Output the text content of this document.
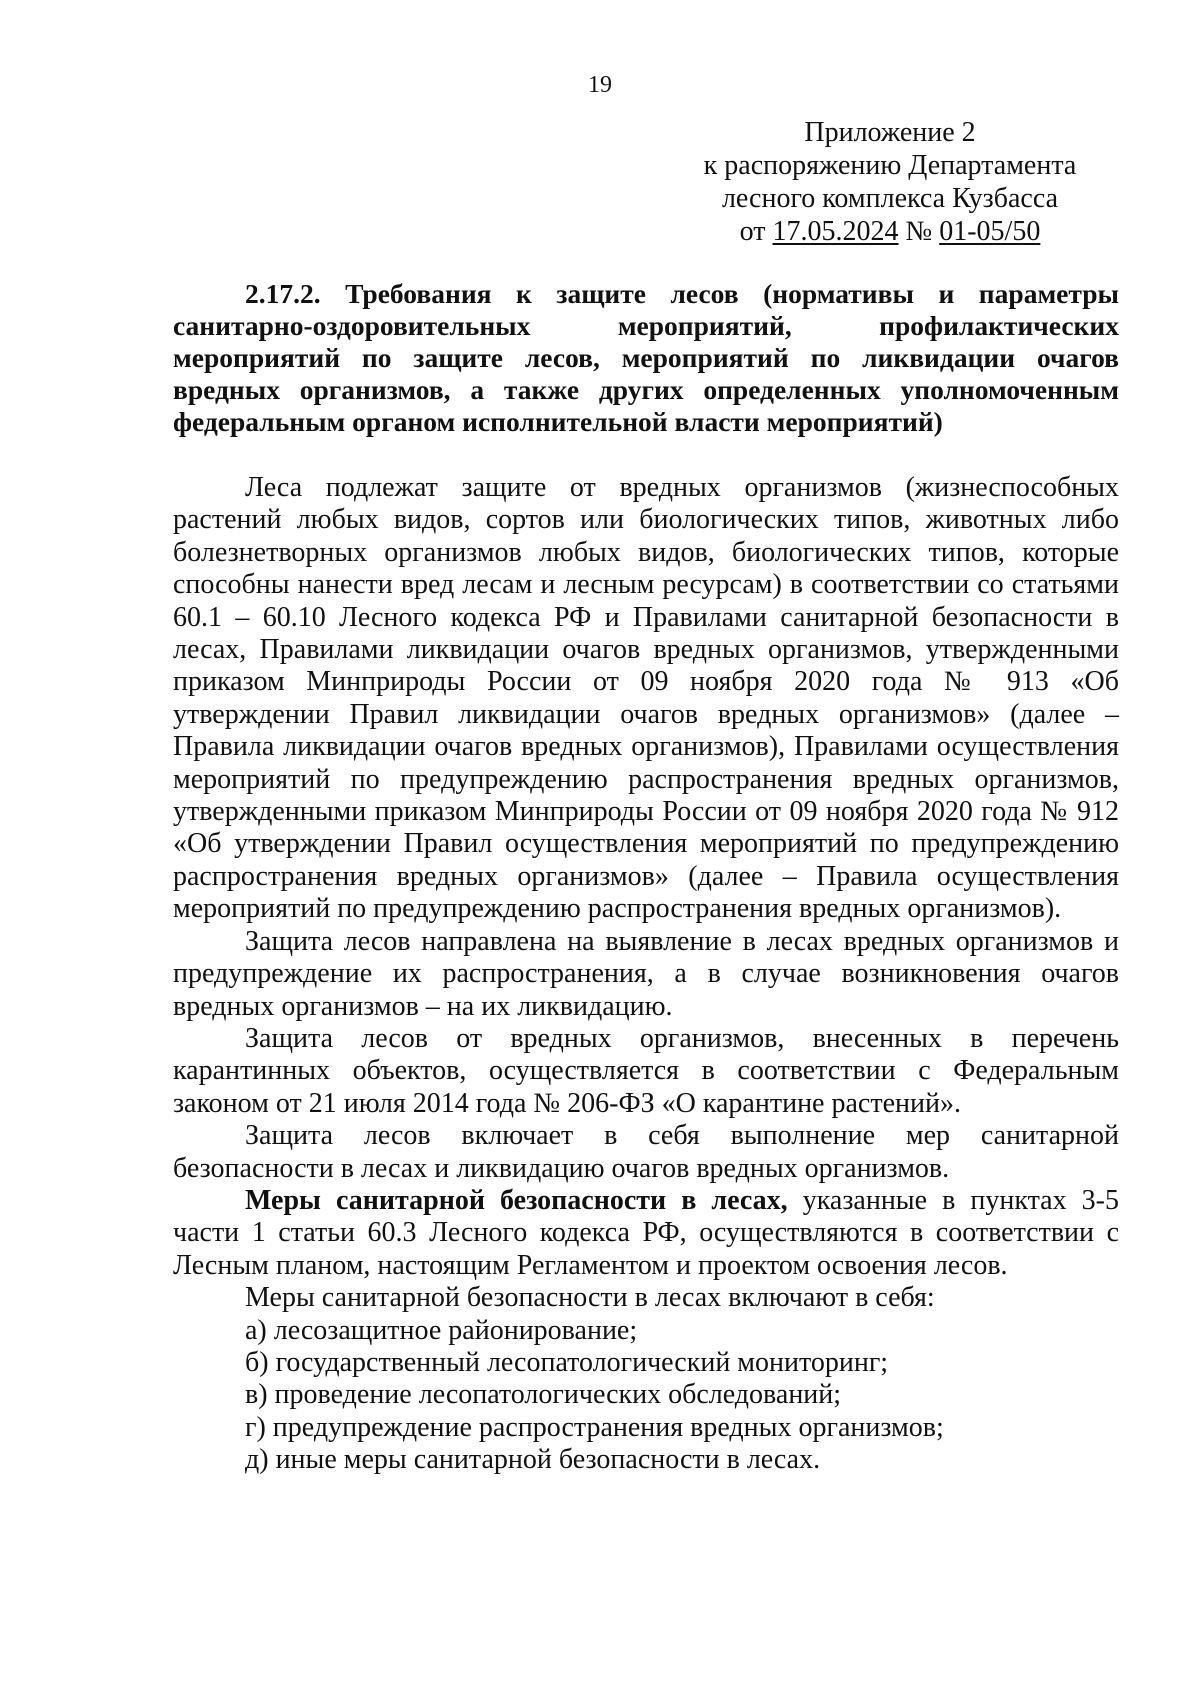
19
Приложение 2
к распоряжению Департамента
лесного комплекса Кузбасса
от 17.05.2024 № 01-05/50

2.17.2. Требования к защите лесов (нормативы и параметры санитарно-оздоровительных мероприятий, профилактических мероприятий по защите лесов, мероприятий по ликвидации очагов вредных организмов, а также других определенных уполномоченным федеральным органом исполнительной власти мероприятий)

Леса подлежат защите от вредных организмов (жизнеспособных растений любых видов, сортов или биологических типов, животных либо болезнетворных организмов любых видов, биологических типов, которые способны нанести вред лесам и лесным ресурсам) в соответствии со статьями 60.1 – 60.10 Лесного кодекса РФ и Правилами санитарной безопасности в лесах, Правилами ликвидации очагов вредных организмов, утвержденными приказом Минприроды России от 09 ноября 2020 года № 913 «Об утверждении Правил ликвидации очагов вредных организмов» (далее – Правила ликвидации очагов вредных организмов), Правилами осуществления мероприятий по предупреждению распространения вредных организмов, утвержденными приказом Минприроды России от 09 ноября 2020 года № 912 «Об утверждении Правил осуществления мероприятий по предупреждению распространения вредных организмов» (далее – Правила осуществления мероприятий по предупреждению распространения вредных организмов).

Защита лесов направлена на выявление в лесах вредных организмов и предупреждение их распространения, а в случае возникновения очагов вредных организмов – на их ликвидацию.

Защита лесов от вредных организмов, внесенных в перечень карантинных объектов, осуществляется в соответствии с Федеральным законом от 21 июля 2014 года № 206-ФЗ «О карантине растений».

Защита лесов включает в себя выполнение мер санитарной безопасности в лесах и ликвидацию очагов вредных организмов.

Меры санитарной безопасности в лесах, указанные в пунктах 3-5 части 1 статьи 60.3 Лесного кодекса РФ, осуществляются в соответствии с Лесным планом, настоящим Регламентом и проектом освоения лесов.

Меры санитарной безопасности в лесах включают в себя:

а) лесозащитное районирование;
б) государственный лесопатологический мониторинг;
в) проведение лесопатологических обследований;
г) предупреждение распространения вредных организмов;
д) иные меры санитарной безопасности в лесах.
